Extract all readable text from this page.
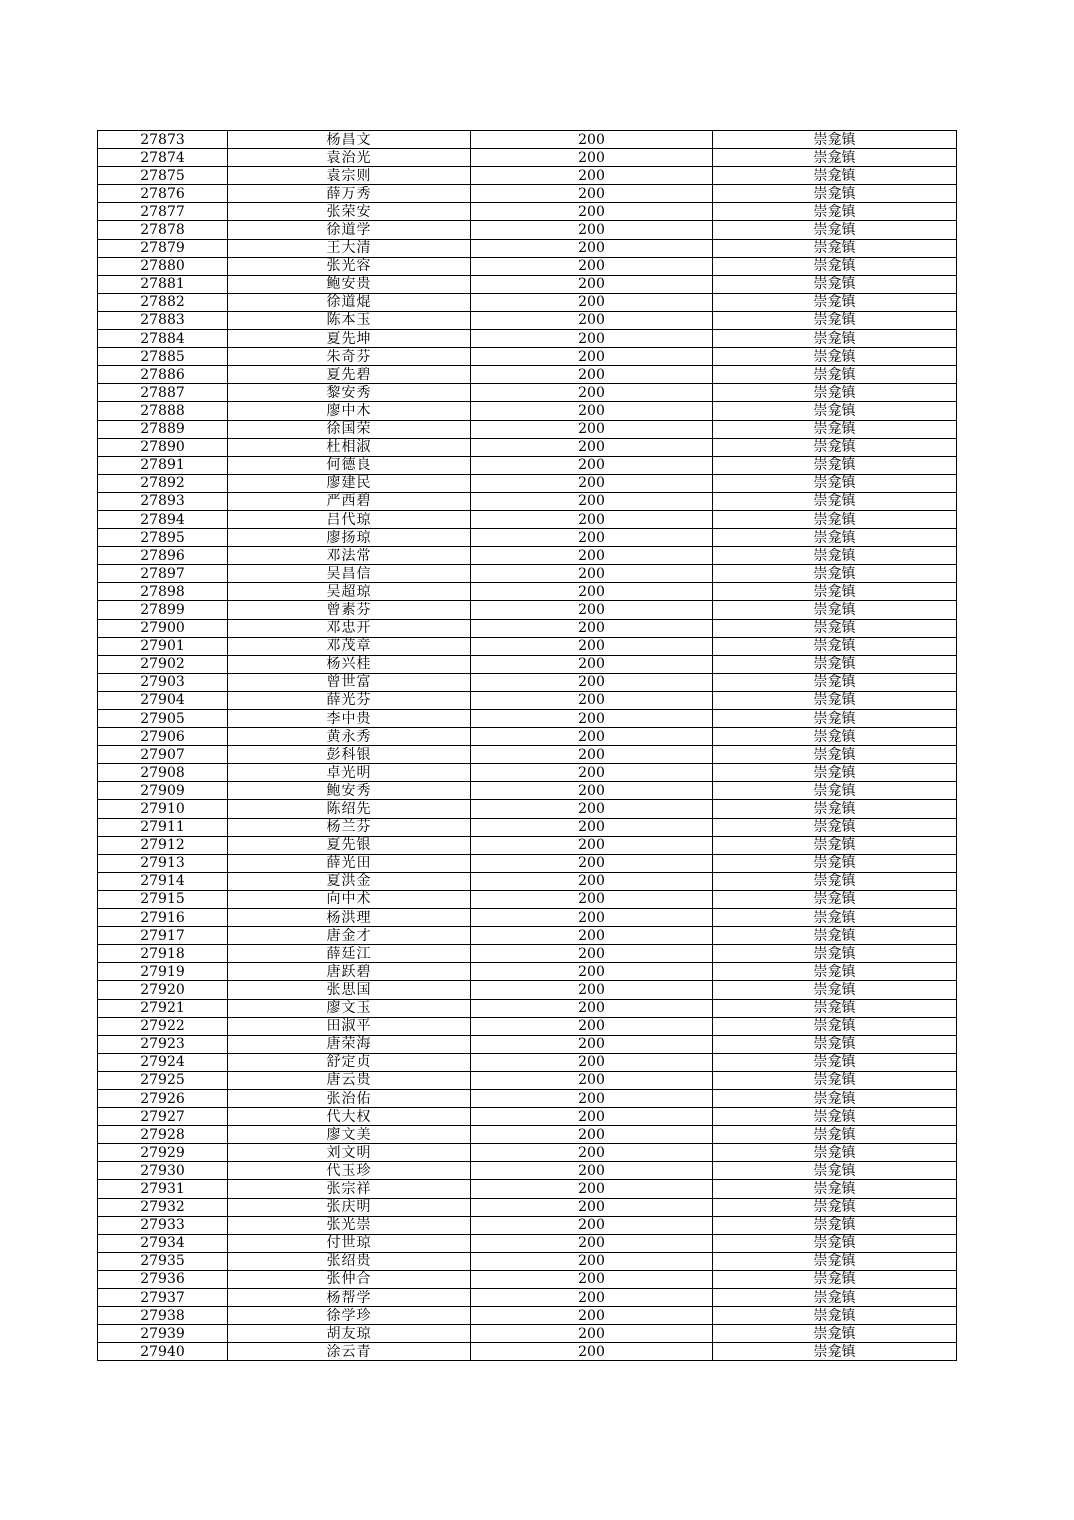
27873	杨昌文	200	崇龛镇
27874	袁治光	200	崇龛镇
27875	袁宗则	200	崇龛镇
27876	薛万秀	200	崇龛镇
27877	张荣安	200	崇龛镇
27878	徐道学	200	崇龛镇
27879	王大清	200	崇龛镇
27880	张光容	200	崇龛镇
27881	鲍安贵	200	崇龛镇
27882	徐道焜	200	崇龛镇
27883	陈本玉	200	崇龛镇
27884	夏先坤	200	崇龛镇
27885	朱奇芬	200	崇龛镇
27886	夏先碧	200	崇龛镇
27887	黎安秀	200	崇龛镇
27888	廖中木	200	崇龛镇
27889	徐国荣	200	崇龛镇
27890	杜相淑	200	崇龛镇
27891	何德良	200	崇龛镇
27892	廖建民	200	崇龛镇
27893	严西碧	200	崇龛镇
27894	吕代琼	200	崇龛镇
27895	廖扬琼	200	崇龛镇
27896	邓法常	200	崇龛镇
27897	吴昌信	200	崇龛镇
27898	吴超琼	200	崇龛镇
27899	曾素芬	200	崇龛镇
27900	邓忠开	200	崇龛镇
27901	邓茂章	200	崇龛镇
27902	杨兴桂	200	崇龛镇
27903	曾世富	200	崇龛镇
27904	薛光芬	200	崇龛镇
27905	李中贵	200	崇龛镇
27906	黄永秀	200	崇龛镇
27907	彭科银	200	崇龛镇
27908	卓光明	200	崇龛镇
27909	鲍安秀	200	崇龛镇
27910	陈绍先	200	崇龛镇
27911	杨兰芬	200	崇龛镇
27912	夏先银	200	崇龛镇
27913	薛光田	200	崇龛镇
27914	夏洪金	200	崇龛镇
27915	向中术	200	崇龛镇
27916	杨洪理	200	崇龛镇
27917	唐金才	200	崇龛镇
27918	薛廷江	200	崇龛镇
27919	唐跃碧	200	崇龛镇
27920	张思国	200	崇龛镇
27921	廖文玉	200	崇龛镇
27922	田淑平	200	崇龛镇
27923	唐荣海	200	崇龛镇
27924	舒定贞	200	崇龛镇
27925	唐云贵	200	崇龛镇
27926	张治佑	200	崇龛镇
27927	代大权	200	崇龛镇
27928	廖文美	200	崇龛镇
27929	刘文明	200	崇龛镇
27930	代玉珍	200	崇龛镇
27931	张宗祥	200	崇龛镇
27932	张庆明	200	崇龛镇
27933	张光崇	200	崇龛镇
27934	付世琼	200	崇龛镇
27935	张绍贵	200	崇龛镇
27936	张仲合	200	崇龛镇
27937	杨帮学	200	崇龛镇
27938	徐学珍	200	崇龛镇
27939	胡友琼	200	崇龛镇
27940	涂云青	200	崇龛镇
